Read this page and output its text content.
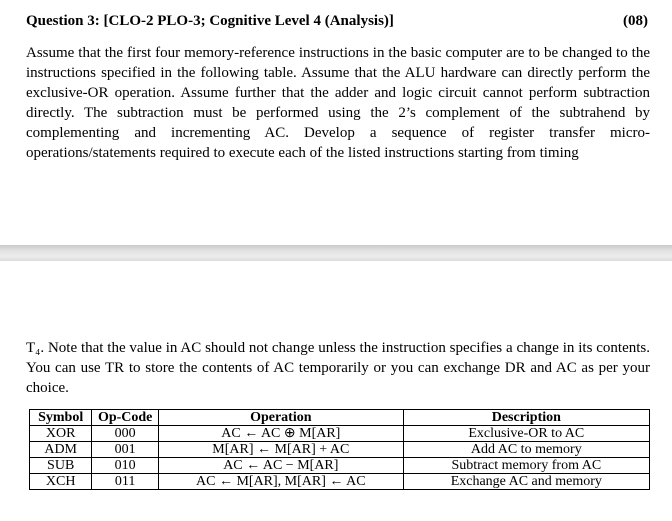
Question 3: [CLO-2 PLO-3; Cognitive Level 4 (Analysis)]	(08)
Assume that the first four memory-reference instructions in the basic computer are to be changed to the instructions specified in the following table. Assume that the ALU hardware can directly perform the exclusive-OR operation. Assume further that the adder and logic circuit cannot perform subtraction directly. The subtraction must be performed using the 2’s complement of the subtrahend by complementing and incrementing AC. Develop a sequence of register transfer micro-operations/statements required to execute each of the listed instructions starting from timing
T₄. Note that the value in AC should not change unless the instruction specifies a change in its contents. You can use TR to store the contents of AC temporarily or you can exchange DR and AC as per your choice.
Symbol	Op-Code	Operation	Description
XOR	000	AC ← AC ⊕ M[AR]	Exclusive-OR to AC
ADM	001	M[AR] ← M[AR] + AC	Add AC to memory
SUB	010	AC ← AC − M[AR]	Subtract memory from AC
XCH	011	AC ← M[AR], M[AR] ← AC	Exchange AC and memory
